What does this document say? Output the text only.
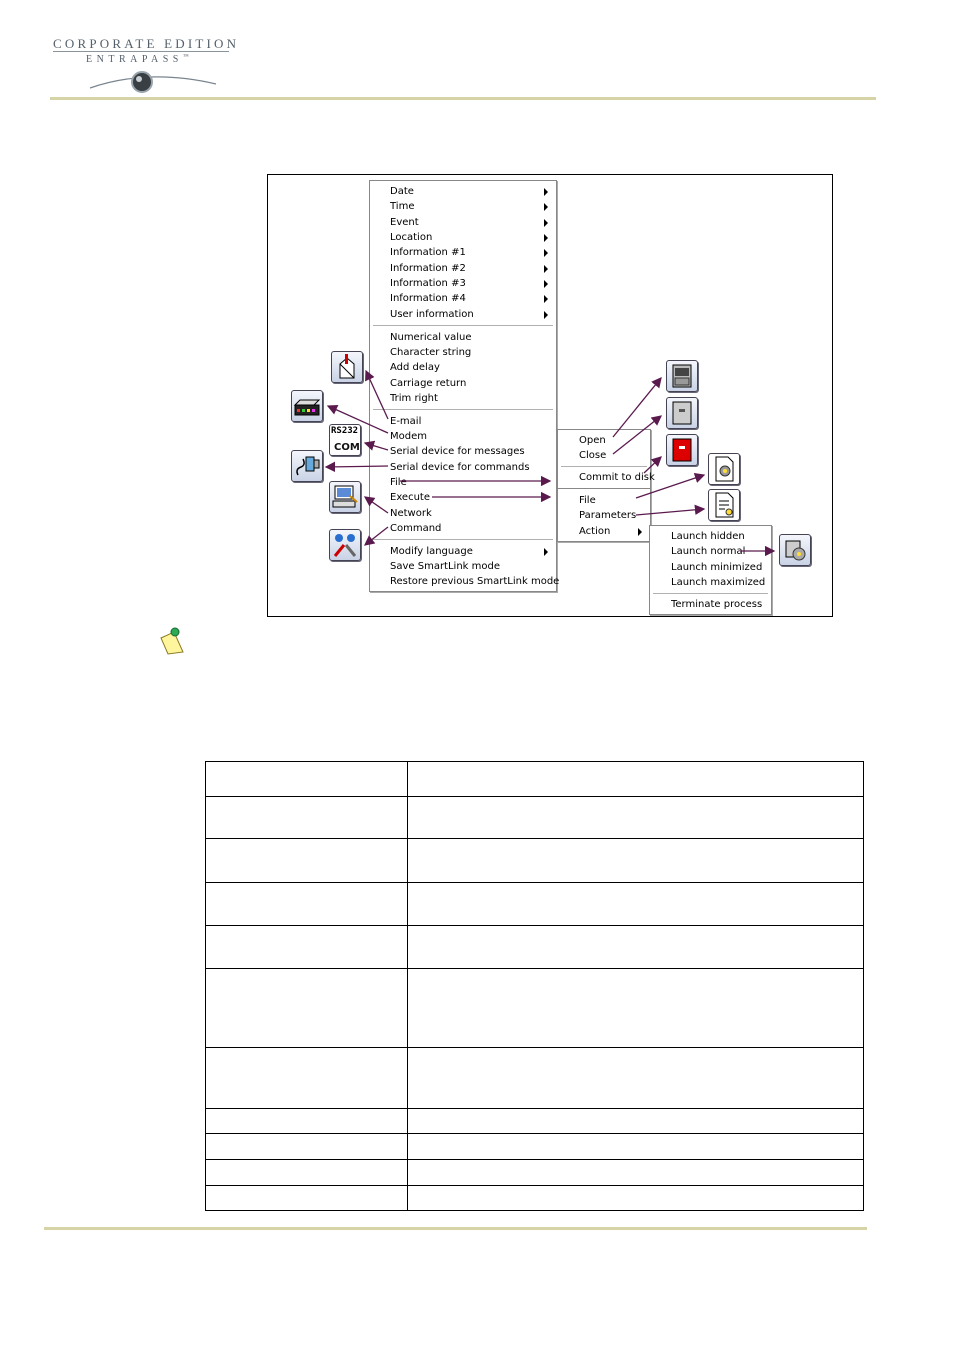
CORPORATE EDITION
ENTRAPASS™
Date
Time
Event
Location
Information #1
Information #2
Information #3
Information #4
User information
Numerical value
Character string
Add delay
Carriage return
Trim right
E-mail
Modem
Serial device for messages
Serial device for commands
File
Execute
Network
Command
Modify language
Save SmartLink mode
Restore previous SmartLink mode
Open
Close
Commit to disk
File
Parameters
Action	Launch hidden
Launch normal
Launch minimized
Launch maximized
Terminate process
RS232
COM
